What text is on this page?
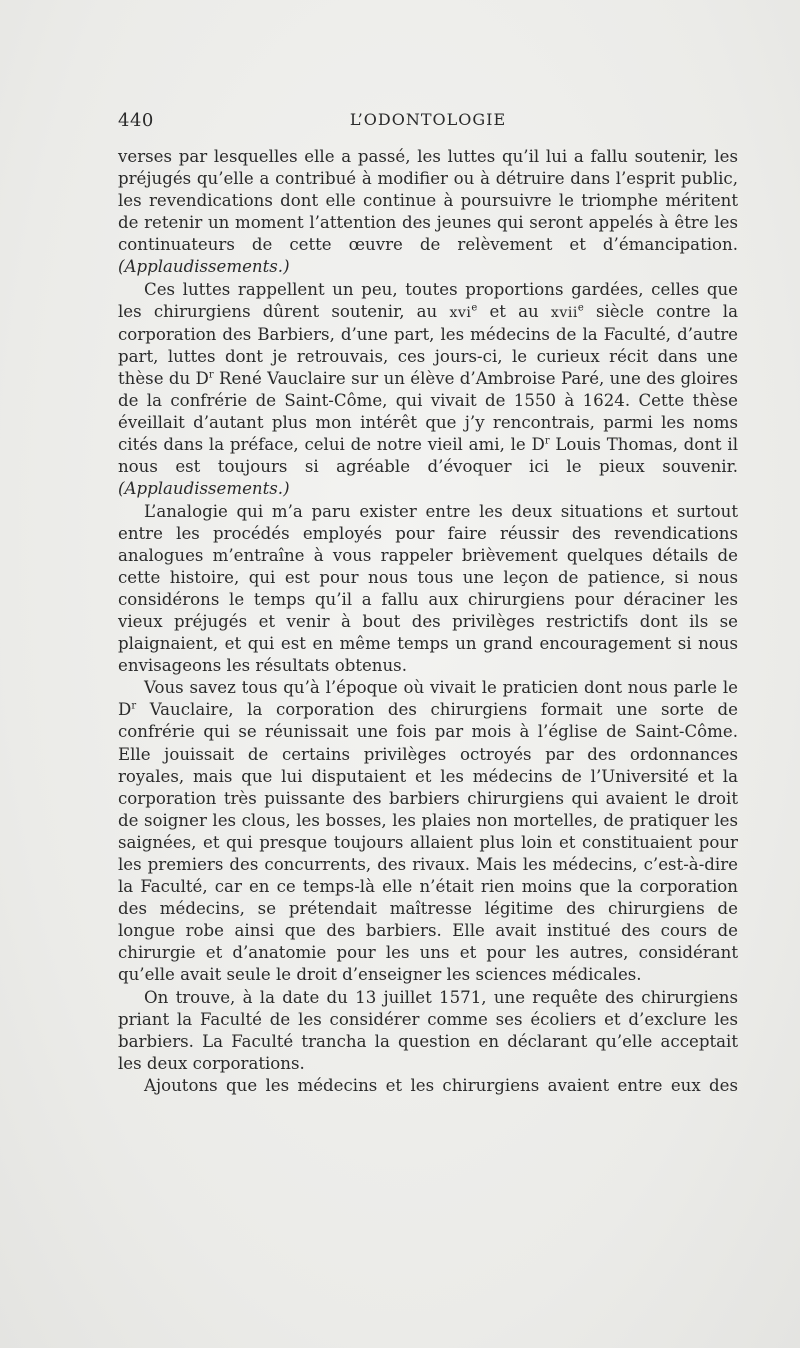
440	L’ODONTOLOGIE

verses par lesquelles elle a passé, les luttes qu’il lui a fallu soutenir, les préjugés qu’elle a contribué à modifier ou à détruire dans l’esprit public, les revendications dont elle continue à poursuivre le triomphe méritent de retenir un moment l’attention des jeunes qui seront appelés à être les continuateurs de cette œuvre de relèvement et d’émancipation. (Applaudissements.)

Ces luttes rappellent un peu, toutes proportions gardées, celles que les chirurgiens dûrent soutenir, au xvi$^e$ et au xvii$^e$ siècle contre la corporation des Barbiers, d’une part, les médecins de la Faculté, d’autre part, luttes dont je retrouvais, ces jours-ci, le curieux récit dans une thèse du $D^r$ René Vauclaire sur un élève d’Ambroise Paré, une des gloires de la confrérie de Saint-Côme, qui vivait de 1550 à 1624. Cette thèse éveillait d’autant plus mon intérêt que j’y rencontrais, parmi les noms cités dans la préface, celui de notre vieil ami, le $D^r$ Louis Thomas, dont il nous est toujours si agréable d’évoquer ici le pieux souvenir. (Applaudissements.)

L’analogie qui m’a paru exister entre les deux situations et surtout entre les procédés employés pour faire réussir des revendications analogues m’entraîne à vous rappeler brièvement quelques détails de cette histoire, qui est pour nous tous une leçon de patience, si nous considérons le temps qu’il a fallu aux chirurgiens pour déraciner les vieux préjugés et venir à bout des privilèges restrictifs dont ils se plaignaient, et qui est en même temps un grand encouragement si nous envisageons les résultats obtenus.

Vous savez tous qu’à l’époque où vivait le praticien dont nous parle le $D^r$ Vauclaire, la corporation des chirurgiens formait une sorte de confrérie qui se réunissait une fois par mois à l’église de Saint-Côme. Elle jouissait de certains privilèges octroyés par des ordonnances royales, mais que lui disputaient et les médecins de l’Université et la corporation très puissante des barbiers chirurgiens qui avaient le droit de soigner les clous, les bosses, les plaies non mortelles, de pratiquer les saignées, et qui presque toujours allaient plus loin et constituaient pour les premiers des concurrents, des rivaux. Mais les médecins, c’est-à-dire la Faculté, car en ce temps-là elle n’était rien moins que la corporation des médecins, se prétendait maîtresse légitime des chirurgiens de longue robe ainsi que des barbiers. Elle avait institué des cours de chirurgie et d’anatomie pour les uns et pour les autres, considérant qu’elle avait seule le droit d’enseigner les sciences médicales.

On trouve, à la date du 13 juillet 1571, une requête des chirurgiens priant la Faculté de les considérer comme ses écoliers et d’exclure les barbiers. La Faculté trancha la question en déclarant qu’elle acceptait les deux corporations.

Ajoutons que les médecins et les chirurgiens avaient entre eux des
